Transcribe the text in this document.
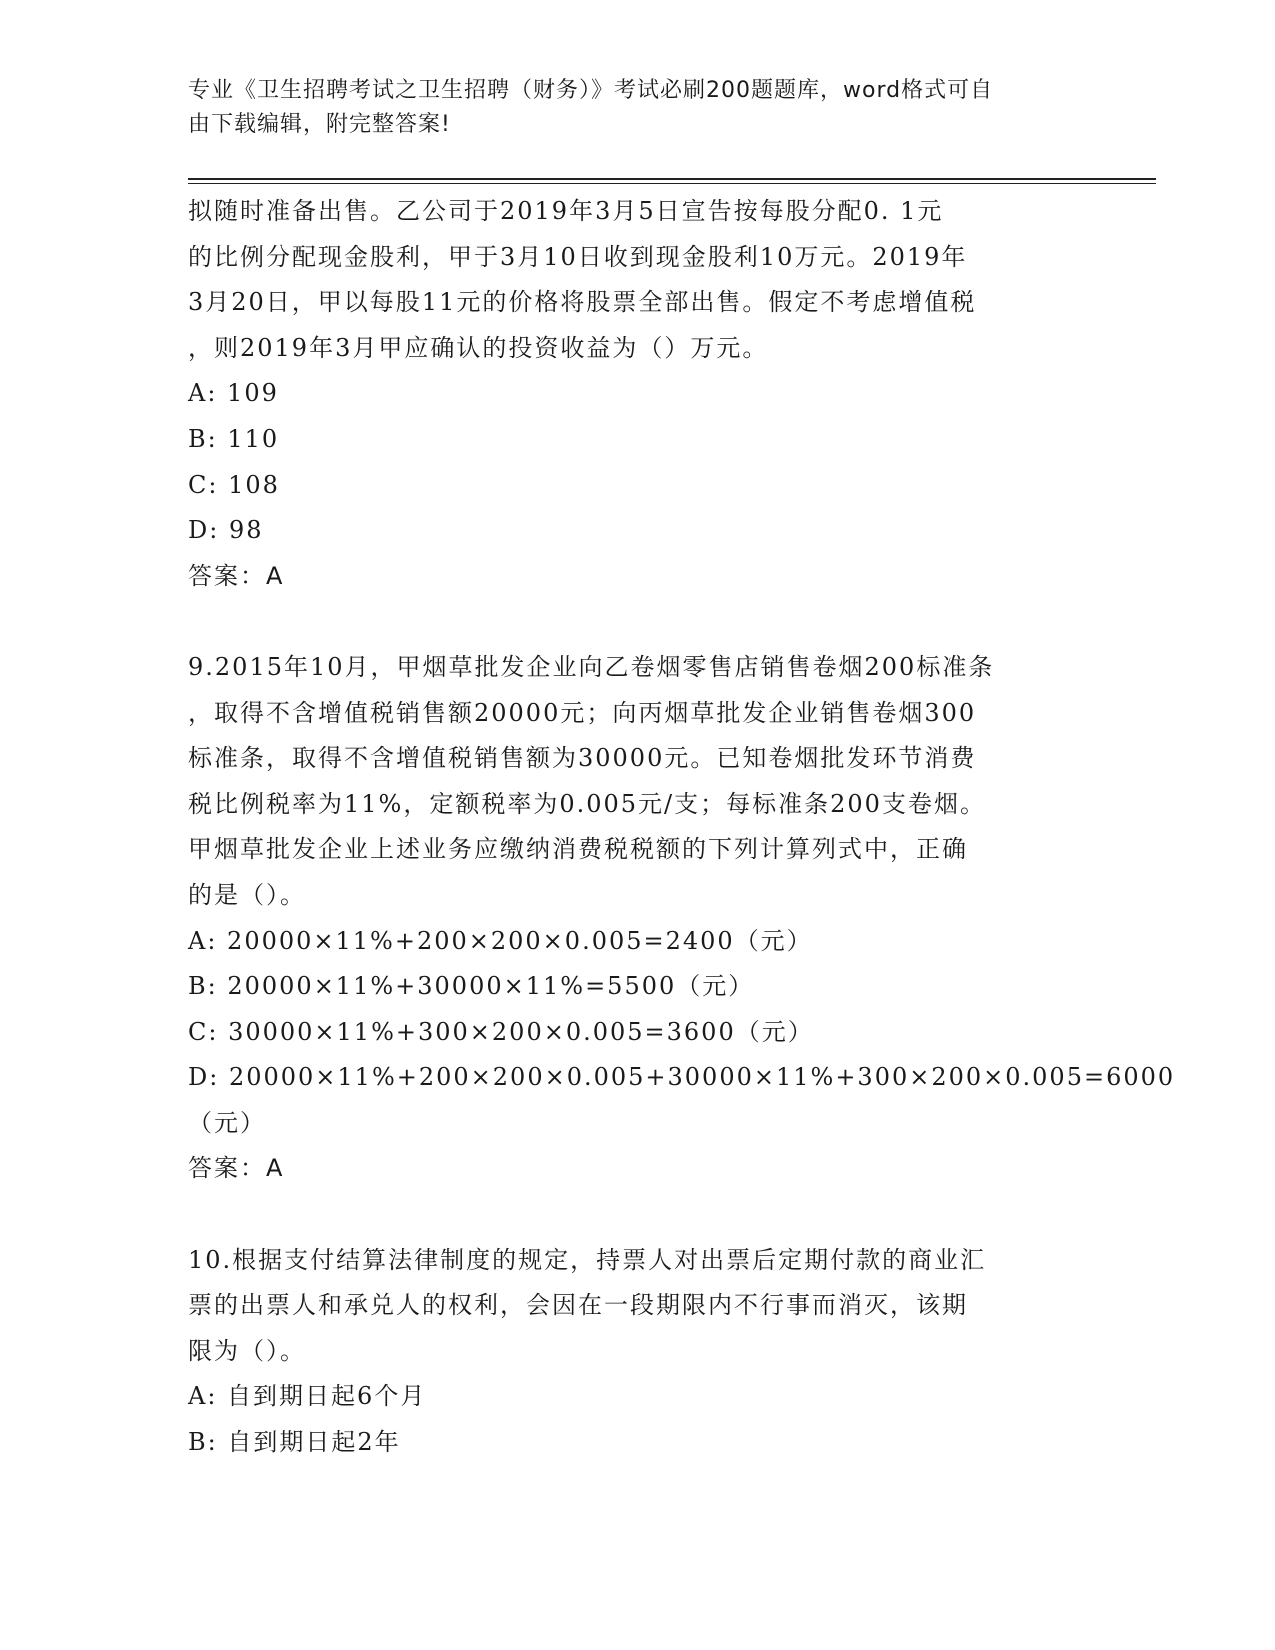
专业《卫生招聘考试之卫生招聘（财务）》考试必刷200题题库，word格式可自
由下载编辑，附完整答案!
拟随时准备出售。乙公司于2019年3月5日宣告按每股分配0. 1元
的比例分配现金股利，甲于3月10日收到现金股利10万元。2019年
3月20日，甲以每股11元的价格将股票全部出售。假定不考虑增值税
，则2019年3月甲应确认的投资收益为（）万元。
A: 109
B: 110
C: 108
D: 98
答案：A
9.2015年10月，甲烟草批发企业向乙卷烟零售店销售卷烟200标准条
，取得不含增值税销售额20000元；向丙烟草批发企业销售卷烟300
标准条，取得不含增值税销售额为30000元。已知卷烟批发环节消费
税比例税率为11%，定额税率为0.005元/支；每标准条200支卷烟。
甲烟草批发企业上述业务应缴纳消费税税额的下列计算列式中，正确
的是（）。
A: 20000×11%+200×200×0.005=2400（元）
B: 20000×11%+30000×11%=5500（元）
C: 30000×11%+300×200×0.005=3600（元）
D: 20000×11%+200×200×0.005+30000×11%+300×200×0.005=6000
（元）
答案：A
10.根据支付结算法律制度的规定，持票人对出票后定期付款的商业汇
票的出票人和承兑人的权利，会因在一段期限内不行事而消灭，该期
限为（）。
A: 自到期日起6个月
B: 自到期日起2年
